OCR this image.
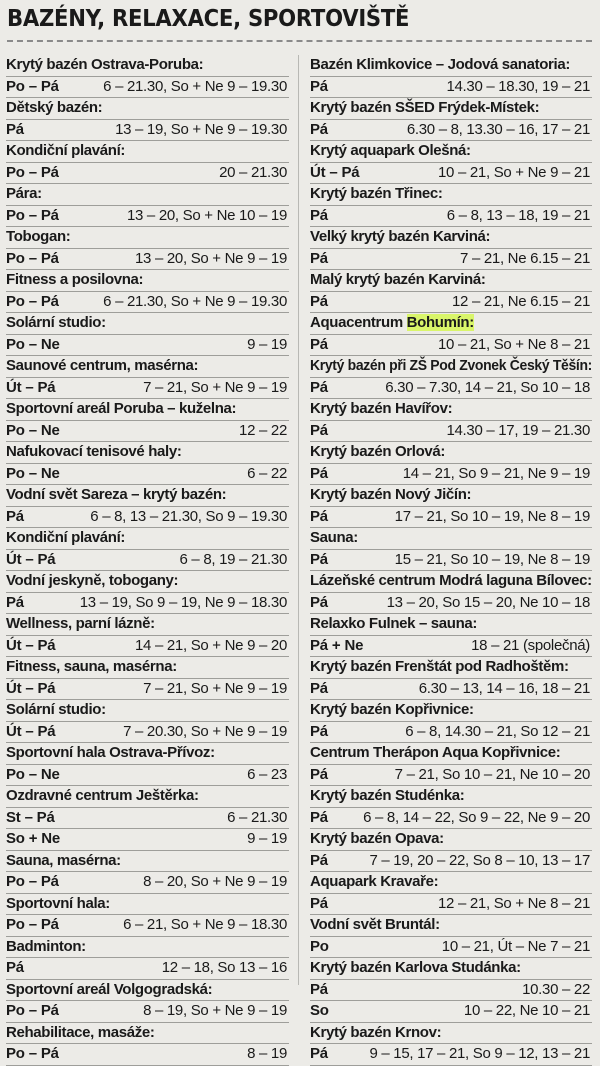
BAZÉNY, RELAXACE, SPORTOVIŠTĚ
Krytý bazén Ostrava-Poruba:
Po – Pá	6 – 21.30, So + Ne 9 – 19.30
Dětský bazén:
Pá	13 – 19, So + Ne 9 – 19.30
Kondiční plavání:
Po – Pá	20 – 21.30
Pára:
Po – Pá	13 – 20, So + Ne 10 – 19
Tobogan:
Po – Pá	13 – 20, So + Ne 9 – 19
Fitness a posilovna:
Po – Pá	6 – 21.30, So + Ne 9 – 19.30
Solární studio:
Po – Ne	9 – 19
Saunové centrum, masérna:
Út – Pá	7 – 21, So + Ne 9 – 19
Sportovní areál Poruba – kuželna:
Po – Ne	12 – 22
Nafukovací tenisové haly:
Po – Ne	6 – 22
Vodní svět Sareza – krytý bazén:
Pá	6 – 8, 13 – 21.30, So 9 – 19.30
Kondiční plavání:
Út – Pá	6 – 8, 19 – 21.30
Vodní jeskyně, tobogany:
Pá	13 – 19, So 9 – 19, Ne 9 – 18.30
Wellness, parní lázně:
Út – Pá	14 – 21, So + Ne 9 – 20
Fitness, sauna, masérna:
Út – Pá	7 – 21, So + Ne 9 – 19
Solární studio:
Út – Pá	7 – 20.30, So + Ne 9 – 19
Sportovní hala Ostrava-Přívoz:
Po – Ne	6 – 23
Ozdravné centrum Ještěrka:
St – Pá	6 – 21.30
So + Ne	9 – 19
Sauna, masérna:
Po – Pá	8 – 20, So + Ne 9 – 19
Sportovní hala:
Po – Pá	6 – 21, So + Ne 9 – 18.30
Badminton:
Pá	12 – 18, So 13 – 16
Sportovní areál Volgogradská:
Po – Pá	8 – 19, So + Ne 9 – 19
Rehabilitace, masáže:
Po – Pá	8 – 19
Bazén Klimkovice – Jodová sanatoria:
Pá	14.30 – 18.30, 19 – 21
Krytý bazén SŠED Frýdek-Místek:
Pá	6.30 – 8, 13.30 – 16, 17 – 21
Krytý aquapark Olešná:
Út – Pá	10 – 21, So + Ne 9 – 21
Krytý bazén Třinec:
Pá	6 – 8, 13 – 18, 19 – 21
Velký krytý bazén Karviná:
Pá	7 – 21, Ne 6.15 – 21
Malý krytý bazén Karviná:
Pá	12 – 21, Ne 6.15 – 21
Aquacentrum Bohumín:
Pá	10 – 21, So + Ne 8 – 21
Krytý bazén při ZŠ Pod Zvonek Český Těšín:
Pá	6.30 – 7.30, 14 – 21, So 10 – 18
Krytý bazén Havířov:
Pá	14.30 – 17, 19 – 21.30
Krytý bazén Orlová:
Pá	14 – 21, So 9 – 21, Ne 9 – 19
Krytý bazén Nový Jičín:
Pá	17 – 21, So 10 – 19, Ne 8 – 19
Sauna:
Pá	15 – 21, So 10 – 19, Ne 8 – 19
Lázeňské centrum Modrá laguna Bílovec:
Pá	13 – 20, So 15 – 20, Ne 10 – 18
Relaxko Fulnek – sauna:
Pá + Ne	18 – 21 (společná)
Krytý bazén Frenštát pod Radhoštěm:
Pá	6.30 – 13, 14 – 16, 18 – 21
Krytý bazén Kopřivnice:
Pá	6 – 8, 14.30 – 21, So 12 – 21
Centrum Therápon Aqua Kopřivnice:
Pá	7 – 21, So 10 – 21, Ne 10 – 20
Krytý bazén Studénka:
Pá 6 – 8, 14 – 22, So 9 – 22, Ne 9 – 20
Krytý bazén Opava:
Pá	7 – 19, 20 – 22, So 8 – 10, 13 – 17
Aquapark Kravaře:
Pá	12 – 21, So + Ne 8 – 21
Vodní svět Bruntál:
Po	10 – 21, Út – Ne 7 – 21
Krytý bazén Karlova Studánka:
Pá	10.30 – 22
So	10 – 22, Ne 10 – 21
Krytý bazén Krnov:
Pá	9 – 15, 17 – 21, So 9 – 12, 13 – 21
